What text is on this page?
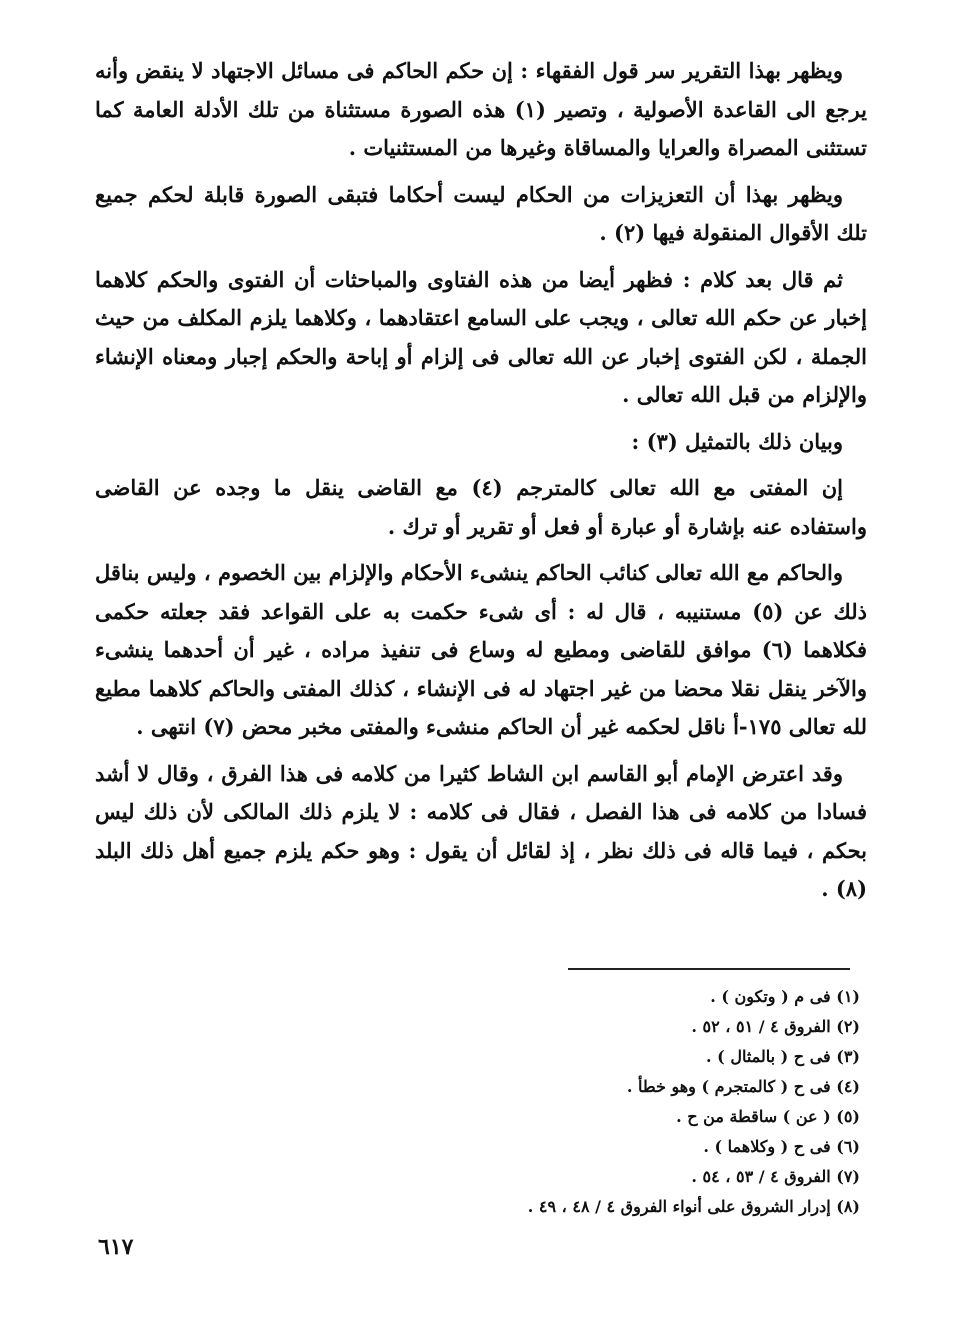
ويظهر بهذا التقرير سر قول الفقهاء : إن حكم الحاكم فى مسائل الاجتهاد لا ينقض وأنه يرجع الى القاعدة الأصولية ، وتصير (١) هذه الصورة مستثناة من تلك الأدلة العامة كما تستثنى المصراة والعرايا والمساقاة وغيرها من المستثنيات .

ويظهر بهذا أن التعزيزات من الحكام ليست أحكاما فتبقى الصورة قابلة لحكم جميع تلك الأقوال المنقولة فيها (٢) .

ثم قال بعد كلام : فظهر أيضا من هذه الفتاوى والمباحثات أن الفتوى والحكم كلاهما إخبار عن حكم الله تعالى ، ويجب على السامع اعتقادهما ، وكلاهما يلزم المكلف من حيث الجملة ، لكن الفتوى إخبار عن الله تعالى فى إلزام أو إباحة والحكم إجبار ومعناه الإنشاء والإلزام من قبل الله تعالى .

وبيان ذلك بالتمثيل (٣) :

إن المفتى مع الله تعالى كالمترجم (٤) مع القاضى ينقل ما وجده عن القاضى واستفاده عنه بإشارة أو عبارة أو فعل أو تقرير أو ترك .

والحاكم مع الله تعالى كنائب الحاكم ينشىء الأحكام والإلزام بين الخصوم ، وليس بناقل ذلك عن (٥) مستنيبه ، قال له : أى شىء حكمت به على القواعد فقد جعلته حكمى فكلاهما (٦) موافق للقاضى ومطيع له وساع فى تنفيذ مراده ، غير أن أحدهما ينشىء والآخر ينقل نقلا محضا من غير اجتهاد له فى الإنشاء ، كذلك المفتى والحاكم كلاهما مطيع لله تعالى ١٧٥-أ ناقل لحكمه غير أن الحاكم منشىء والمفتى مخبر محض (٧) انتهى .

وقد اعترض الإمام أبو القاسم ابن الشاط كثيرا من كلامه فى هذا الفرق ، وقال لا أشد فسادا من كلامه فى هذا الفصل ، فقال فى كلامه : لا يلزم ذلك المالكى لأن ذلك ليس بحكم ، فيما قاله فى ذلك نظر ، إذ لقائل أن يقول : وهو حكم يلزم جميع أهل ذلك البلد (٨) .

(١) فى م ( وتكون ) .
(٢) الفروق ٤ / ٥١ ، ٥٢ .
(٣) فى ح ( بالمثال ) .
(٤) فى ح ( كالمتجرم ) وهو خطأ .
(٥) ( عن ) ساقطة من ح .
(٦) فى ح ( وكلاهما ) .
(٧) الفروق ٤ / ٥٣ ، ٥٤ .
(٨) إدرار الشروق على أنواء الفروق ٤ / ٤٨ ، ٤٩ .
٦١٧
